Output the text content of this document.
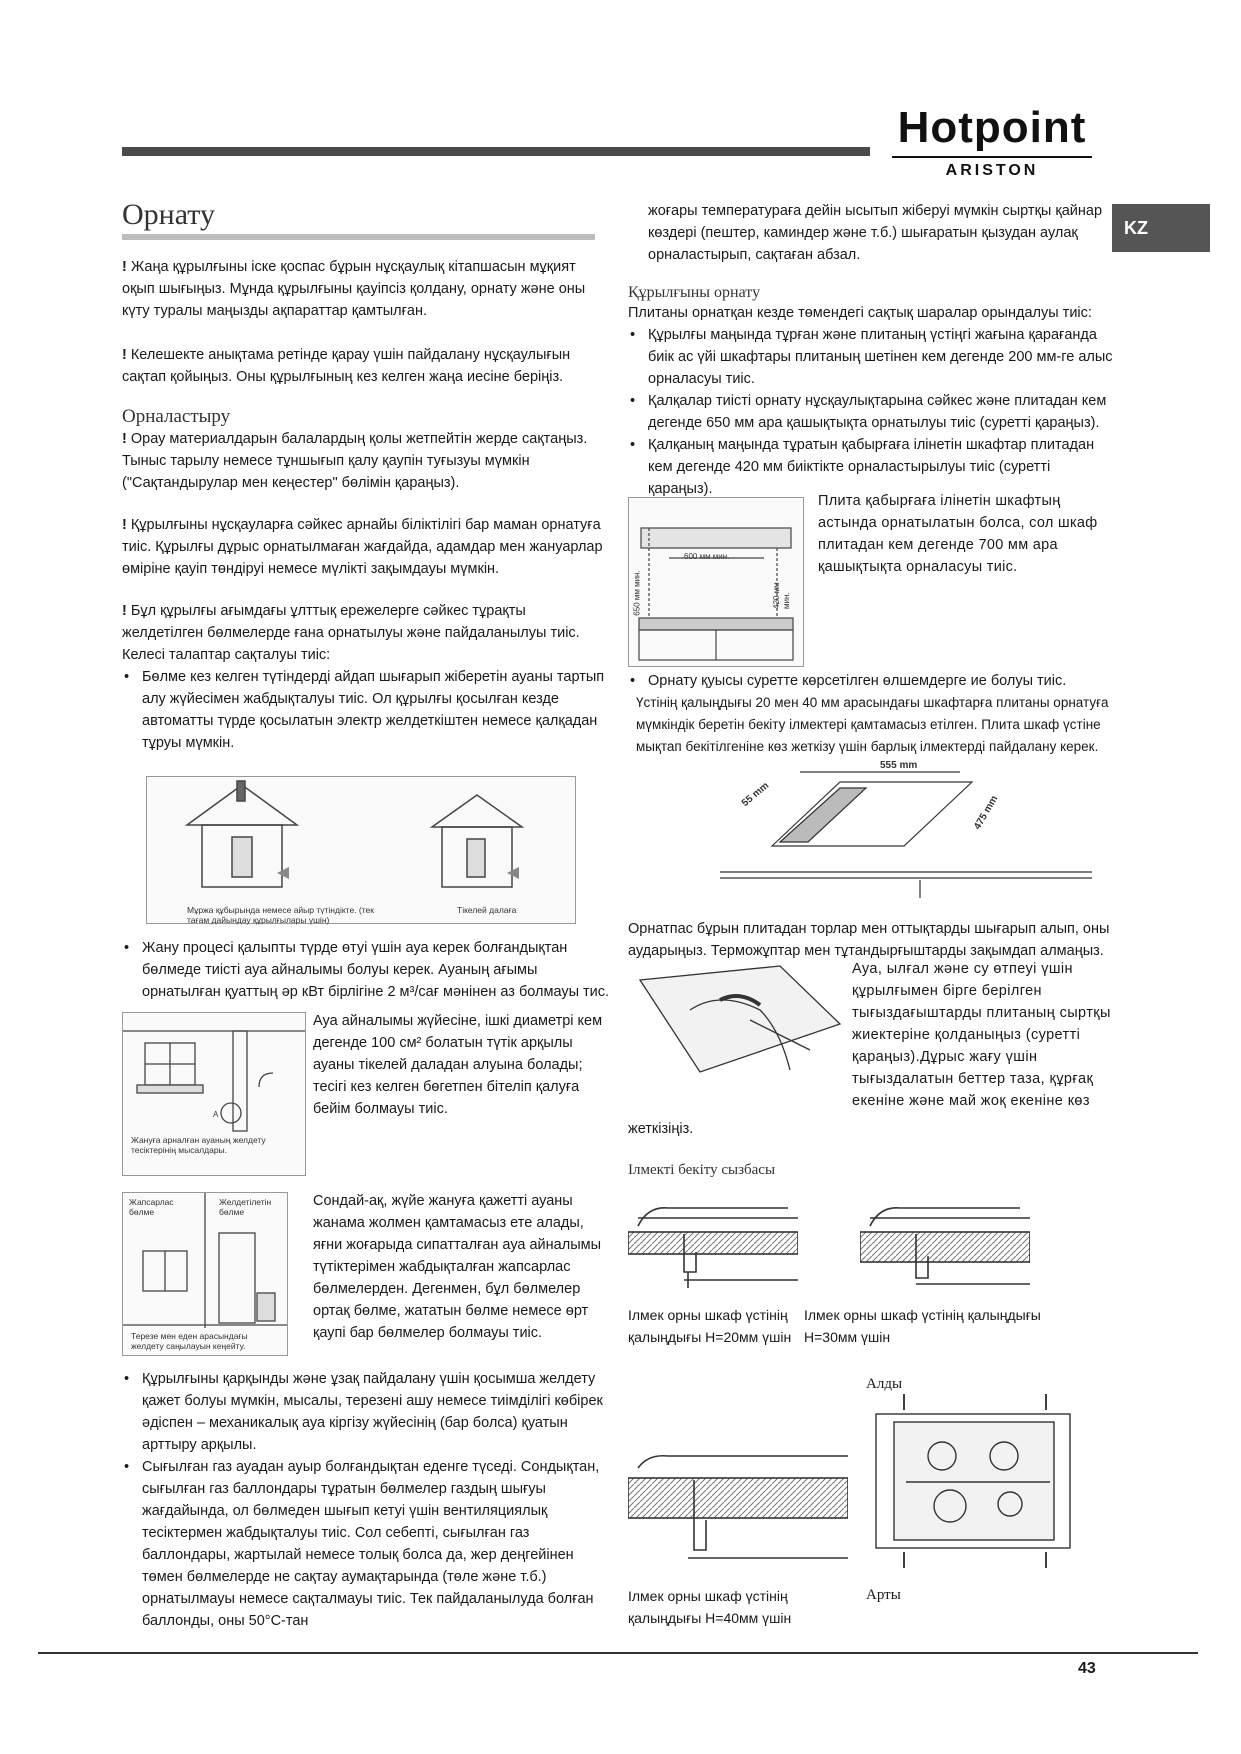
Hotpoint
ARISTON
KZ
Орнату

! Жаңа құрылғыны іске қоспас бұрын нұсқаулық кітапшасын мұқият оқып шығыңыз. Мұнда құрылғыны қауіпсіз қолдану, орнату және оны күту туралы маңызды ақпараттар қамтылған.

! Келешекте анықтама ретінде қарау үшін пайдалану нұсқаулығын сақтап қойыңыз. Оны құрылғының кез келген жаңа иесіне беріңіз.

Орналастыру

! Орау материалдарын балалардың қолы жетпейтін жерде сақтаңыз. Тыныс тарылу немесе тұншығып қалу қаупін туғызуы мүмкін ("Сақтандырулар мен кеңестер" бөлімін қараңыз).

! Құрылғыны нұсқауларға сәйкес арнайы біліктілігі бар маман орнатуға тиіс. Құрылғы дұрыс орнатылмаған жағдайда, адамдар мен жануарлар өміріне қауіп төндіруі немесе мүлікті зақымдауы мүмкін.

! Бұл құрылғы ағымдағы ұлттық ережелерге сәйкес тұрақты желдетілген бөлмелерде ғана орнатылуы және пайдаланылуы тиіс. Келесі талаптар сақталуы тиіс:

• Бөлме кез келген түтіндерді айдап шығарып жіберетін ауаны тартып алу жүйесімен жабдықталуы тиіс. Ол құрылғы қосылған кезде автоматты түрде қосылатын электр желдеткіштен немесе қалқадан тұруы мүмкін.

Мұржа құбырында немесе айыр түтіндікте. (тек тағам дайындау құрылғылары үшін)
Тікелей далаға

• Жану процесі қалыпты түрде өтуі үшін ауа керек болғандықтан бөлмеде тиісті ауа айналымы болуы керек. Ауаның ағымы орнатылған қуаттың әр кВт бірлігіне 2 м³/сағ мәнінен аз болмауы тис.

A
Жануға арналған ауаның желдету тесіктерінің мысалдары.

Ауа айналымы жүйесіне, ішкі диаметрі кем дегенде 100 см² болатын түтік арқылы ауаны тікелей даладан алуына болады; тесігі кез келген бөгетпен бітеліп қалуға бейім болмауы тиіс.

Жапсарлас бөлме
Желдетілетін бөлме
Терезе мен еден арасындағы желдету саңылауын кеңейту.

Сондай-ақ, жүйе жануға қажетті ауаны жанама жолмен қамтамасыз ете алады, яғни жоғарыда сипатталған ауа айналымы түтіктерімен жабдықталған жапсарлас бөлмелерден. Дегенмен, бұл бөлмелер ортақ бөлме, жататын бөлме немесе өрт қаупі бар бөлмелер болмауы тиіс.

• Құрылғыны қарқынды және ұзақ пайдалану үшін қосымша желдету қажет болуы мүмкін, мысалы, терезені ашу немесе тиімділігі көбірек әдіспен – механикалық ауа кіргізу жүйесінің (бар болса) қуатын арттыру арқылы.

• Сығылған газ ауадан ауыр болғандықтан еденге түседі. Сондықтан, сығылған газ баллондары тұратын бөлмелер газдың шығуы жағдайында, ол бөлмеден шығып кетуі үшін вентиляциялық тесіктермен жабдықталуы тиіс. Сол себепті, сығылған газ баллондары, жартылай немесе толық болса да, жер деңгейінен төмен бөлмелерде не сақтау аумақтарында (төле және т.б.) орнатылмауы немесе сақталмауы тиіс. Тек пайдаланылуда болған баллонды, оны 50°С-тан

жоғары температураға дейін ысытып жіберуі мүмкін сыртқы қайнар көздері (пештер, каминдер және т.б.) шығаратын қызудан аулақ орналастырып, сақтаған абзал.

Құрылғыны орнату

Плитаны орнатқан кезде төмендегі сақтық шаралар орындалуы тиіс:

• Құрылғы маңында тұрған және плитаның үстіңгі жағына қарағанда биік ас үйі шкафтары плитаның шетінен кем дегенде 200 мм-ге алыс орналасуы тиіс.

• Қалқалар тиісті орнату нұсқаулықтарына сәйкес және плитадан кем дегенде 650 мм ара қашықтықта орнатылуы тиіс (суретті қараңыз).

• Қалқаның маңында тұратын қабырғаға ілінетін шкафтар плитадан кем дегенде 420 мм биіктікте орналастырылуы тиіс (суретті қараңыз).

600 мм мин.
650 мм мин.	420 мм мин.

Плита қабырғаға ілінетін шкафтың астында орнатылатын болса, сол шкаф плитадан кем дегенде 700 мм ара қашықтықта орналасуы тиіс.

• Орнату қуысы суретте көрсетілген өлшемдерге ие болуы тиіс.

Үстінің қалыңдығы 20 мен 40 мм арасындағы шкафтарға плитаны орнатуға мүмкіндік беретін бекіту ілмектері қамтамасыз етілген. Плита шкаф үстіне мықтап бекітілгеніне көз жеткізу үшін барлық ілмектерді пайдалану керек.

555 mm
55 mm	475 mm

Орнатпас бұрын плитадан торлар мен оттықтарды шығарып алып, оны аударыңыз. Терможұптар мен тұтандырғыштарды зақымдап алмаңыз.

Ауа, ылғал және су өтпеуі үшін құрылғымен бірге берілген тығыздағыштарды плитаның сыртқы жиектеріне қолданыңыз (суретті қараңыз).Дұрыс жағу үшін тығыздалатын беттер таза, құрғақ екеніне және май жоқ екеніне көз

жеткізіңіз.

Ілмекті бекіту сызбасы

Ілмек орны шкаф үстінің қалыңдығы H=20мм үшін

Ілмек орны шкаф үстінің қалыңдығы H=30мм үшін

Ілмек орны шкаф үстінің қалыңдығы H=40мм үшін

Алды
Арты
43
